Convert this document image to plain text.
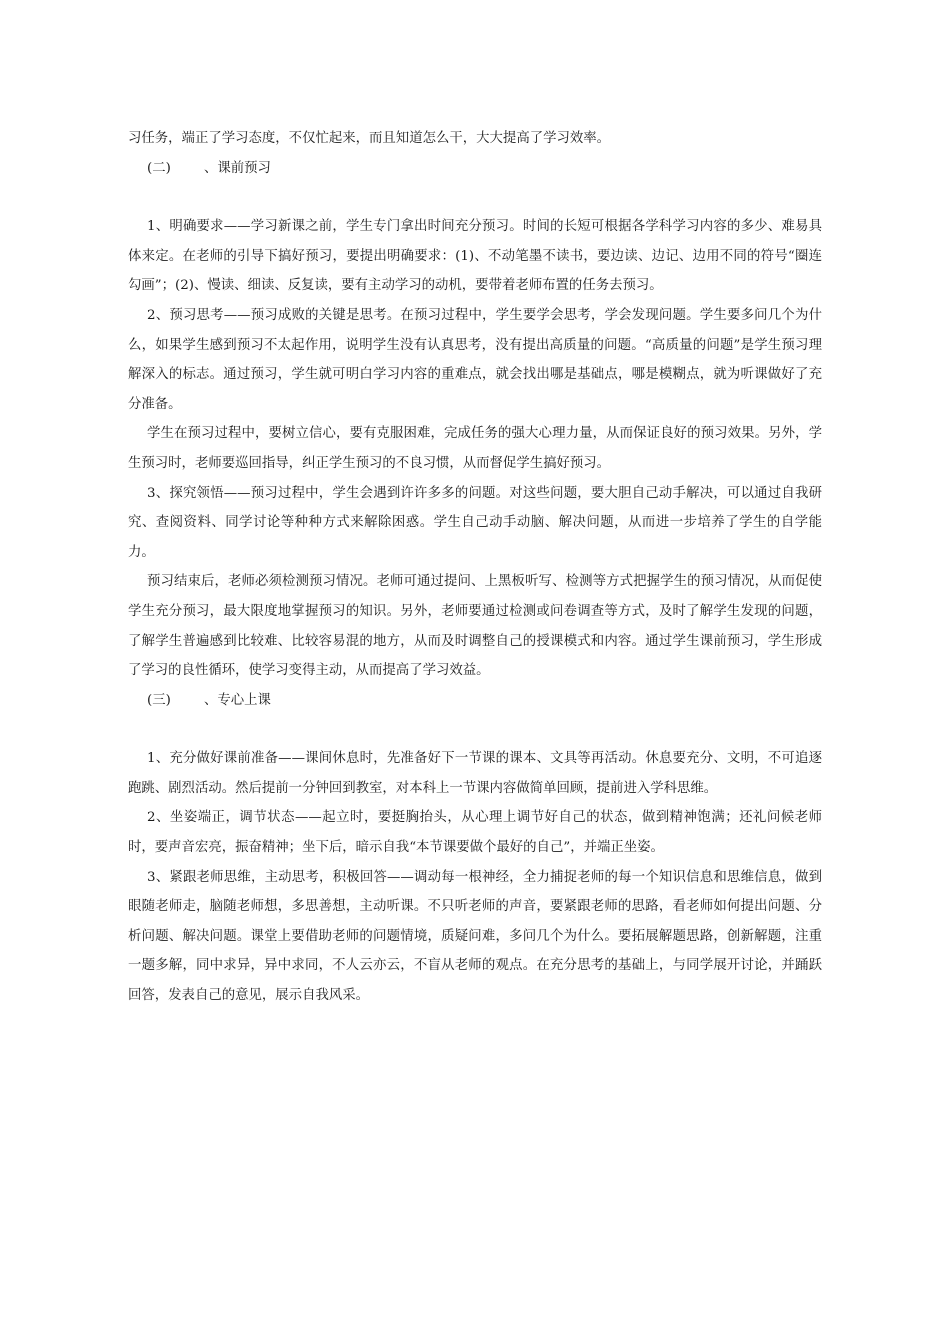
习任务，端正了学习态度，不仅忙起来，而且知道怎么干，大大提高了学习效率。

(二) 、课前预习

1、明确要求——学习新课之前，学生专门拿出时间充分预习。时间的长短可根据各学科学习内容的多少、难易具体来定。在老师的引导下搞好预习，要提出明确要求：(1)、不动笔墨不读书，要边读、边记、边用不同的符号“圈连勾画”；(2)、慢读、细读、反复读，要有主动学习的动机，要带着老师布置的任务去预习。

2、预习思考——预习成败的关键是思考。在预习过程中，学生要学会思考，学会发现问题。学生要多问几个为什么，如果学生感到预习不太起作用，说明学生没有认真思考，没有提出高质量的问题。“高质量的问题”是学生预习理解深入的标志。通过预习，学生就可明白学习内容的重难点，就会找出哪是基础点，哪是模糊点，就为听课做好了充分准备。

学生在预习过程中，要树立信心，要有克服困难，完成任务的强大心理力量，从而保证良好的预习效果。另外，学生预习时，老师要巡回指导，纠正学生预习的不良习惯，从而督促学生搞好预习。

3、探究领悟——预习过程中，学生会遇到许许多多的问题。对这些问题，要大胆自己动手解决，可以通过自我研究、查阅资料、同学讨论等种种方式来解除困惑。学生自己动手动脑、解决问题，从而进一步培养了学生的自学能力。

预习结束后，老师必须检测预习情况。老师可通过提问、上黑板听写、检测等方式把握学生的预习情况，从而促使学生充分预习，最大限度地掌握预习的知识。另外，老师要通过检测或问卷调查等方式，及时了解学生发现的问题，了解学生普遍感到比较难、比较容易混的地方，从而及时调整自己的授课模式和内容。通过学生课前预习，学生形成了学习的良性循环，使学习变得主动，从而提高了学习效益。

(三) 、专心上课

1、充分做好课前准备——课间休息时，先准备好下一节课的课本、文具等再活动。休息要充分、文明，不可追逐跑跳、剧烈活动。然后提前一分钟回到教室，对本科上一节课内容做简单回顾，提前进入学科思维。

2、坐姿端正，调节状态——起立时，要挺胸抬头，从心理上调节好自己的状态，做到精神饱满；还礼问候老师时，要声音宏亮，振奋精神；坐下后，暗示自我“本节课要做个最好的自己”，并端正坐姿。

3、紧跟老师思维，主动思考，积极回答——调动每一根神经，全力捕捉老师的每一个知识信息和思维信息，做到眼随老师走，脑随老师想，多思善想，主动听课。不只听老师的声音，要紧跟老师的思路，看老师如何提出问题、分析问题、解决问题。课堂上要借助老师的问题情境，质疑问难，多问几个为什么。要拓展解题思路，创新解题，注重一题多解，同中求异，异中求同，不人云亦云，不盲从老师的观点。在充分思考的基础上，与同学展开讨论，并踊跃回答，发表自己的意见，展示自我风采。
